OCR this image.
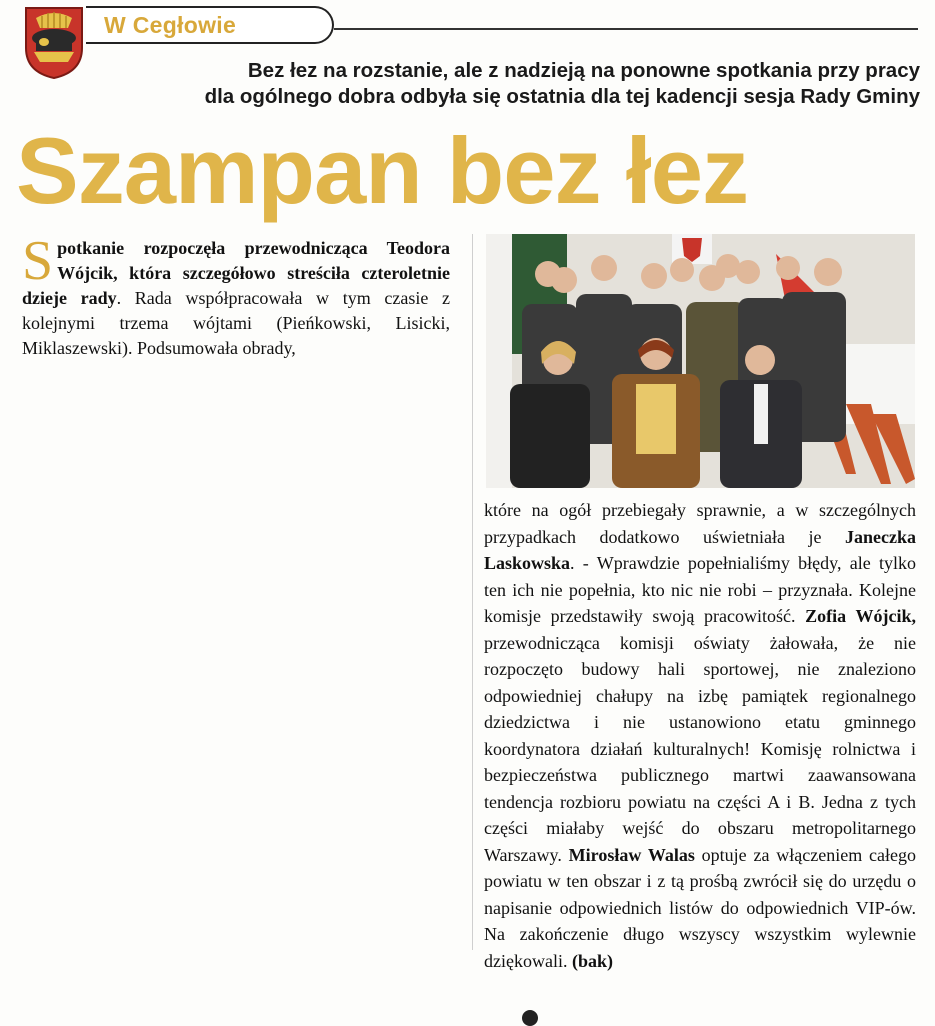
W Cegłowie
Bez łez na rozstanie, ale z nadzieją na ponowne spotkania przy pracy
dla ogólnego dobra odbyła się ostatnia dla tej kadencji sesja Rady Gminy
Szampan bez łez
Spotkanie rozpoczęła przewodnicząca Teodora Wójcik, która szczegółowo streściła czteroletnie dzieje rady. Rada współpracowała w tym czasie z kolejnymi trzema wójtami (Pieńkowski, Lisicki, Miklaszewski). Podsumowała obrady,
które na ogół przebiegały sprawnie, a w szczególnych przypadkach dodatkowo uświetniała je Janeczka Laskowska. - Wprawdzie popełnialiśmy błędy, ale tylko ten ich nie popełnia, kto nic nie robi – przyznała. Kolejne komisje przedstawiły swoją pracowitość. Zofia Wójcik, przewodnicząca komisji oświaty żałowała, że nie rozpoczęto budowy hali sportowej, nie znaleziono odpowiedniej chałupy na izbę pamiątek regionalnego dziedzictwa i nie ustanowiono etatu gminnego koordynatora działań kulturalnych! Komisję rolnictwa i bezpieczeństwa publicznego martwi zaawansowana tendencja rozbioru powiatu na części A i B. Jedna z tych części miałaby wejść do obszaru metropolitarnego Warszawy. Mirosław Walas optuje za włączeniem całego powiatu w ten obszar i z tą prośbą zwrócił się do urzędu o napisanie odpowiednich listów do odpowiednich VIP-ów. Na zakończenie długo wszyscy wszystkim wylewnie dziękowali. (bak)
